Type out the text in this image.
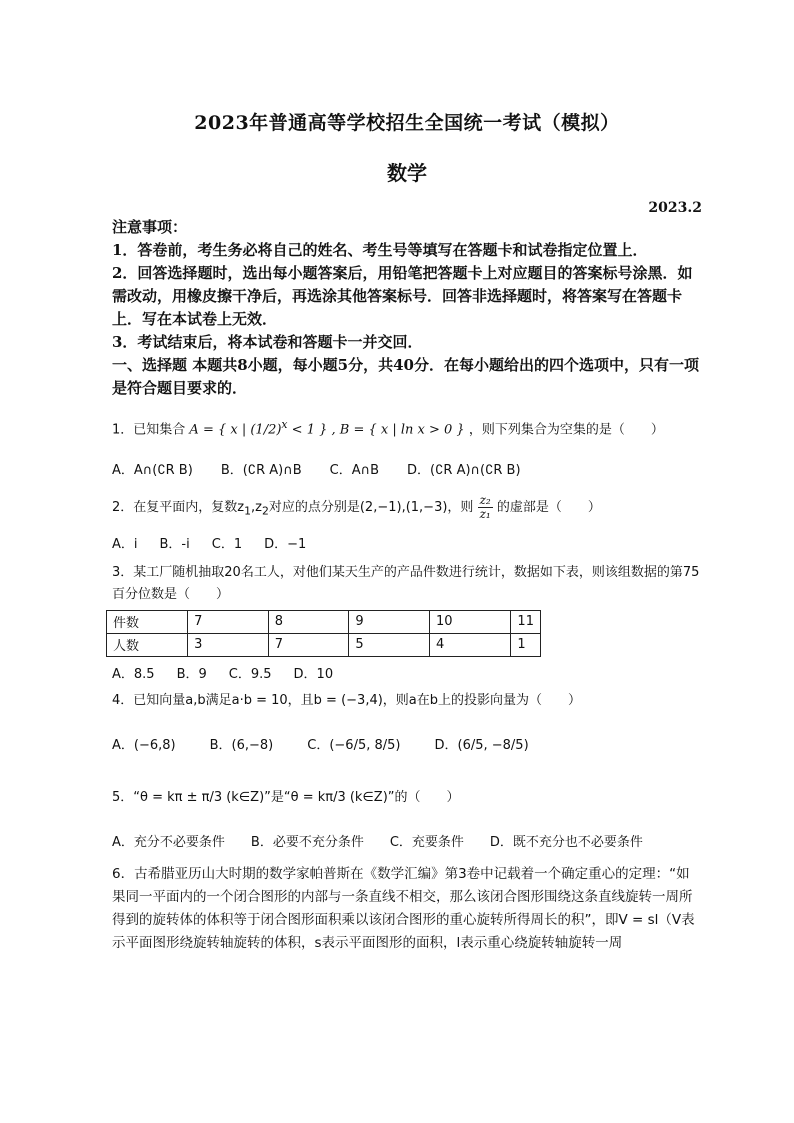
2023年普通高等学校招生全国统一考试（模拟）
数学
2023.2

注意事项：

1．答卷前，考生务必将自己的姓名、考生号等填写在答题卡和试卷指定位置上．

2．回答选择题时，选出每小题答案后，用铅笔把答题卡上对应题目的答案标号涂黑．如需改动，用橡皮擦干净后，再选涂其他答案标号．回答非选择题时，将答案写在答题卡上．写在本试卷上无效．

3．考试结束后，将本试卷和答题卡一并交回．

一、选择题 本题共8小题，每小题5分，共40分．在每小题给出的四个选项中，只有一项是符合题目要求的．

1．已知集合 A = { x | $(1/2)^x < 1$ } , B = { x | ln x > 0 } ，则下列集合为空集的是（　　）

A．A∩(∁R B) B．(∁R A)∩B C．A∩B D．(∁R A)∩(∁R B)

2．在复平面内，复数$z_1,z_2$对应的点分别是(2,−1),(1,−3)，则 $\frac{\text{z₂}}{\text{z₁}}$ 的虚部是（　　）

A．i B．-i C．1 D．−1

3．某工厂随机抽取20名工人，对他们某天生产的产品件数进行统计，数据如下表，则该组数据的第75百分位数是（　　）

件数	7	8	9	10	11
人数	3	7	5	4	1
A．8.5 B．9 C．9.5 D．10

4．已知向量a,b满足a·b = 10，且b = (−3,4)，则a在b上的投影向量为（　　）

A．(−6,8)	B．(6,−8)	C．(−6/5, 8/5)	D．(6/5, −8/5)

5．“θ = kπ ± π/3 (k∈Z)”是“θ = kπ/3 (k∈Z)”的（　　）

A．充分不必要条件 B．必要不充分条件 C．充要条件 D．既不充分也不必要条件

6．古希腊亚历山大时期的数学家帕普斯在《数学汇编》第3卷中记载着一个确定重心的定理：“如果同一平面内的一个闭合图形的内部与一条直线不相交，那么该闭合图形围绕这条直线旋转一周所得到的旋转体的体积等于闭合图形面积乘以该闭合图形的重心旋转所得周长的积”，即V = sl（V表示平面图形绕旋转轴旋转的体积，s表示平面图形的面积，l表示重心绕旋转轴旋转一周
